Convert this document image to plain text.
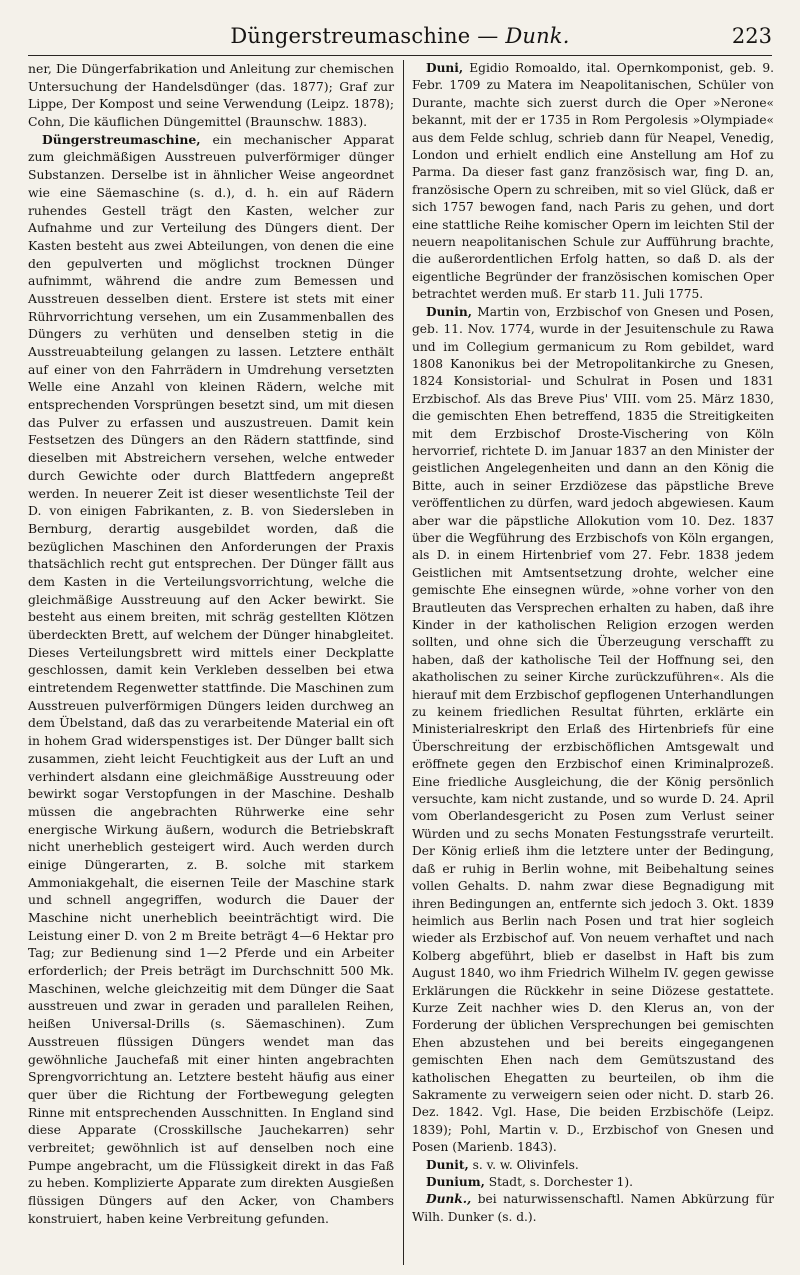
Düngerstreumaschine — Dunk.	223

ner, Die Düngerfabrikation und Anleitung zur chemischen Untersuchung der Handelsdünger (das. 1877); Graf zur Lippe, Der Kompost und seine Verwendung (Leipz. 1878); Cohn, Die käuflichen Düngemittel (Braunschw. 1883).

Düngerstreumaschine, ein mechanischer Apparat zum gleichmäßigen Ausstreuen pulverförmiger dünger Substanzen. Derselbe ist in ähnlicher Weise angeordnet wie eine Säemaschine (s. d.), d. h. ein auf Rädern ruhendes Gestell trägt den Kasten, welcher zur Aufnahme und zur Verteilung des Düngers dient. Der Kasten besteht aus zwei Abteilungen, von denen die eine den gepulverten und möglichst trocknen Dünger aufnimmt, während die andre zum Bemessen und Ausstreuen desselben dient. Erstere ist stets mit einer Rührvorrichtung versehen, um ein Zusammenballen des Düngers zu verhüten und denselben stetig in die Ausstreuabteilung gelangen zu lassen. Letztere enthält auf einer von den Fahrrädern in Umdrehung versetzten Welle eine Anzahl von kleinen Rädern, welche mit entsprechenden Vorsprüngen besetzt sind, um mit diesen das Pulver zu erfassen und auszustreuen. Damit kein Festsetzen des Düngers an den Rädern stattfinde, sind dieselben mit Abstreichern versehen, welche entweder durch Gewichte oder durch Blattfedern angepreßt werden. In neuerer Zeit ist dieser wesentlichste Teil der D. von einigen Fabrikanten, z. B. von Siedersleben in Bernburg, derartig ausgebildet worden, daß die bezüglichen Maschinen den Anforderungen der Praxis thatsächlich recht gut entsprechen. Der Dünger fällt aus dem Kasten in die Verteilungsvorrichtung, welche die gleichmäßige Ausstreuung auf den Acker bewirkt. Sie besteht aus einem breiten, mit schräg gestellten Klötzen überdeckten Brett, auf welchem der Dünger hinabgleitet. Dieses Verteilungsbrett wird mittels einer Deckplatte geschlossen, damit kein Verkleben desselben bei etwa eintretendem Regenwetter stattfinde. Die Maschinen zum Ausstreuen pulverförmigen Düngers leiden durchweg an dem Übelstand, daß das zu verarbeitende Material ein oft in hohem Grad widerspenstiges ist. Der Dünger ballt sich zusammen, zieht leicht Feuchtigkeit aus der Luft an und verhindert alsdann eine gleichmäßige Ausstreuung oder bewirkt sogar Verstopfungen in der Maschine. Deshalb müssen die angebrachten Rührwerke eine sehr energische Wirkung äußern, wodurch die Betriebskraft nicht unerheblich gesteigert wird. Auch werden durch einige Düngerarten, z. B. solche mit starkem Ammoniakgehalt, die eisernen Teile der Maschine stark und schnell angegriffen, wodurch die Dauer der Maschine nicht unerheblich beeinträchtigt wird. Die Leistung einer D. von 2 m Breite beträgt 4—6 Hektar pro Tag; zur Bedienung sind 1—2 Pferde und ein Arbeiter erforderlich; der Preis beträgt im Durchschnitt 500 Mk. Maschinen, welche gleichzeitig mit dem Dünger die Saat ausstreuen und zwar in geraden und parallelen Reihen, heißen Universal-Drills (s. Säemaschinen). Zum Ausstreuen flüssigen Düngers wendet man das gewöhnliche Jauchefaß mit einer hinten angebrachten Sprengvorrichtung an. Letztere besteht häufig aus einer quer über die Richtung der Fortbewegung gelegten Rinne mit entsprechenden Ausschnitten. In England sind diese Apparate (Crosskillsche Jauchekarren) sehr verbreitet; gewöhnlich ist auf denselben noch eine Pumpe angebracht, um die Flüssigkeit direkt in das Faß zu heben. Komplizierte Apparate zum direkten Ausgießen flüssigen Düngers auf den Acker, von Chambers konstruiert, haben keine Verbreitung gefunden.

Duni, Egidio Romoaldo, ital. Opernkomponist, geb. 9. Febr. 1709 zu Matera im Neapolitanischen, Schüler von Durante, machte sich zuerst durch die Oper »Nerone« bekannt, mit der er 1735 in Rom Pergolesis »Olympiade« aus dem Felde schlug, schrieb dann für Neapel, Venedig, London und erhielt endlich eine Anstellung am Hof zu Parma. Da dieser fast ganz französisch war, fing D. an, französische Opern zu schreiben, mit so viel Glück, daß er sich 1757 bewogen fand, nach Paris zu gehen, und dort eine stattliche Reihe komischer Opern im leichten Stil der neuern neapolitanischen Schule zur Aufführung brachte, die außerordentlichen Erfolg hatten, so daß D. als der eigentliche Begründer der französischen komischen Oper betrachtet werden muß. Er starb 11. Juli 1775.

Dunin, Martin von, Erzbischof von Gnesen und Posen, geb. 11. Nov. 1774, wurde in der Jesuitenschule zu Rawa und im Collegium germanicum zu Rom gebildet, ward 1808 Kanonikus bei der Metropolitankirche zu Gnesen, 1824 Konsistorial- und Schulrat in Posen und 1831 Erzbischof. Als das Breve Pius' VIII. vom 25. März 1830, die gemischten Ehen betreffend, 1835 die Streitigkeiten mit dem Erzbischof Droste-Vischering von Köln hervorrief, richtete D. im Januar 1837 an den Minister der geistlichen Angelegenheiten und dann an den König die Bitte, auch in seiner Erzdiözese das päpstliche Breve veröffentlichen zu dürfen, ward jedoch abgewiesen. Kaum aber war die päpstliche Allokution vom 10. Dez. 1837 über die Wegführung des Erzbischofs von Köln ergangen, als D. in einem Hirtenbrief vom 27. Febr. 1838 jedem Geistlichen mit Amtsentsetzung drohte, welcher eine gemischte Ehe einsegnen würde, »ohne vorher von den Brautleuten das Versprechen erhalten zu haben, daß ihre Kinder in der katholischen Religion erzogen werden sollten, und ohne sich die Überzeugung verschafft zu haben, daß der katholische Teil der Hoffnung sei, den akatholischen zu seiner Kirche zurückzuführen«. Als die hierauf mit dem Erzbischof gepflogenen Unterhandlungen zu keinem friedlichen Resultat führten, erklärte ein Ministerialreskript den Erlaß des Hirtenbriefs für eine Überschreitung der erzbischöflichen Amtsgewalt und eröffnete gegen den Erzbischof einen Kriminalprozeß. Eine friedliche Ausgleichung, die der König persönlich versuchte, kam nicht zustande, und so wurde D. 24. April vom Oberlandesgericht zu Posen zum Verlust seiner Würden und zu sechs Monaten Festungsstrafe verurteilt. Der König erließ ihm die letztere unter der Bedingung, daß er ruhig in Berlin wohne, mit Beibehaltung seines vollen Gehalts. D. nahm zwar diese Begnadigung mit ihren Bedingungen an, entfernte sich jedoch 3. Okt. 1839 heimlich aus Berlin nach Posen und trat hier sogleich wieder als Erzbischof auf. Von neuem verhaftet und nach Kolberg abgeführt, blieb er daselbst in Haft bis zum August 1840, wo ihm Friedrich Wilhelm IV. gegen gewisse Erklärungen die Rückkehr in seine Diözese gestattete. Kurze Zeit nachher wies D. den Klerus an, von der Forderung der üblichen Versprechungen bei gemischten Ehen abzustehen und bei bereits eingegangenen gemischten Ehen nach dem Gemütszustand des katholischen Ehegatten zu beurteilen, ob ihm die Sakramente zu verweigern seien oder nicht. D. starb 26. Dez. 1842. Vgl. Hase, Die beiden Erzbischöfe (Leipz. 1839); Pohl, Martin v. D., Erzbischof von Gnesen und Posen (Marienb. 1843).

Dunit, s. v. w. Olivinfels.

Dunium, Stadt, s. Dorchester 1).

Dunk., bei naturwissenschaftl. Namen Abkürzung für Wilh. Dunker (s. d.).
